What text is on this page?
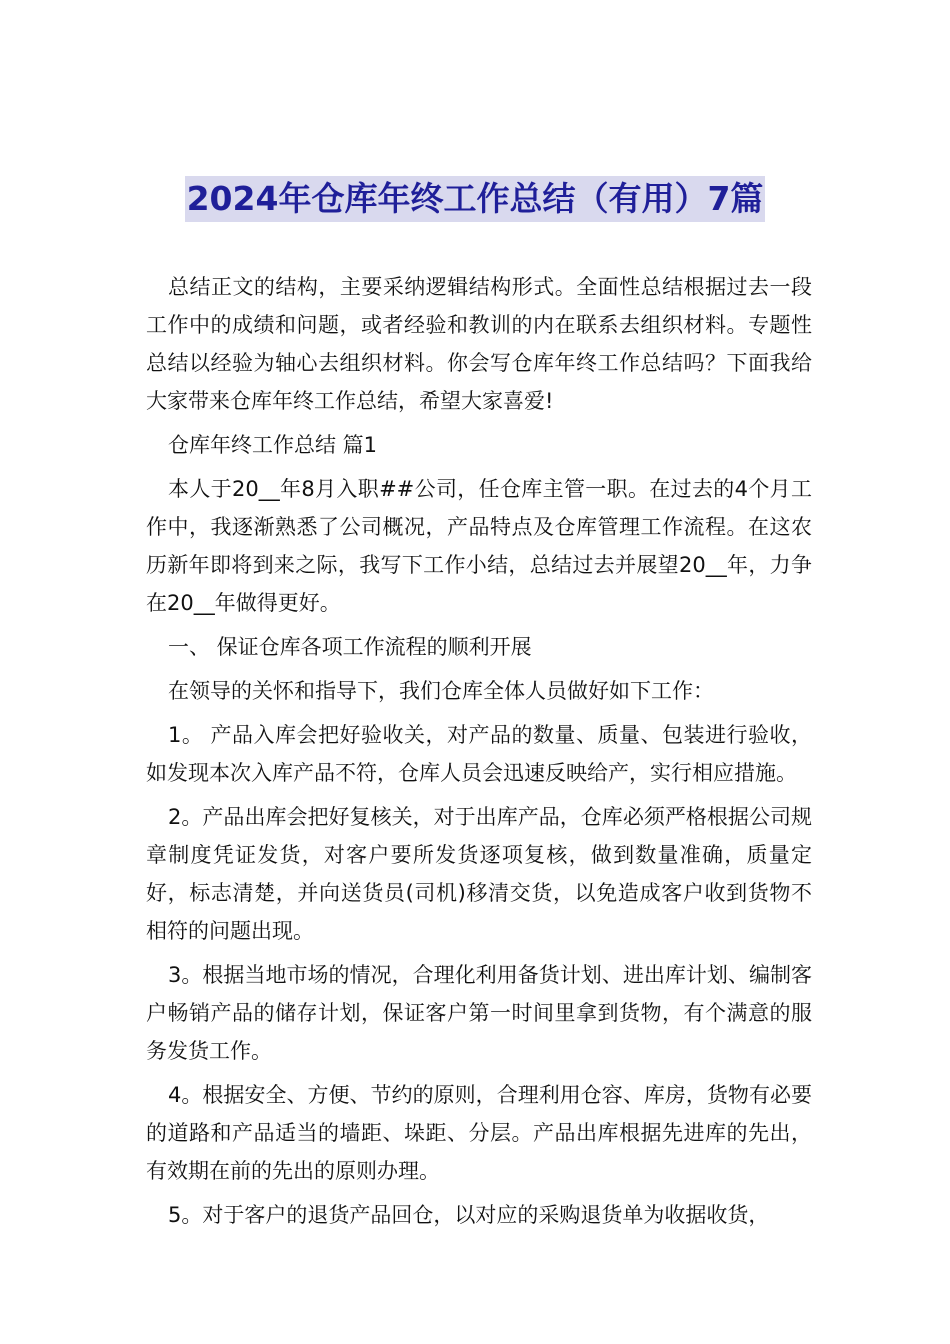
2024年仓库年终工作总结（有用）7篇

总结正文的结构，主要采纳逻辑结构形式。全面性总结根据过去一段工作中的成绩和问题，或者经验和教训的内在联系去组织材料。专题性总结以经验为轴心去组织材料。你会写仓库年终工作总结吗？下面我给大家带来仓库年终工作总结，希望大家喜爱!

仓库年终工作总结 篇1

本人于20__年8月入职##公司，任仓库主管一职。在过去的4个月工作中，我逐渐熟悉了公司概况，产品特点及仓库管理工作流程。在这农历新年即将到来之际，我写下工作小结，总结过去并展望20__年，力争在20__年做得更好。

一、 保证仓库各项工作流程的顺利开展

在领导的关怀和指导下，我们仓库全体人员做好如下工作：

1。 产品入库会把好验收关，对产品的数量、质量、包装进行验收，如发现本次入库产品不符，仓库人员会迅速反映给产，实行相应措施。

2。产品出库会把好复核关，对于出库产品，仓库必须严格根据公司规章制度凭证发货，对客户要所发货逐项复核，做到数量准确，质量定好，标志清楚，并向送货员(司机)移清交货，以免造成客户收到货物不相符的问题出现。

3。根据当地市场的情况，合理化利用备货计划、进出库计划、编制客户畅销产品的储存计划，保证客户第一时间里拿到货物，有个满意的服务发货工作。

4。根据安全、方便、节约的原则，合理利用仓容、库房，货物有必要的道路和产品适当的墙距、垛距、分层。产品出库根据先进库的先出，有效期在前的先出的原则办理。

5。对于客户的退货产品回仓，以对应的采购退货单为收据收货，
